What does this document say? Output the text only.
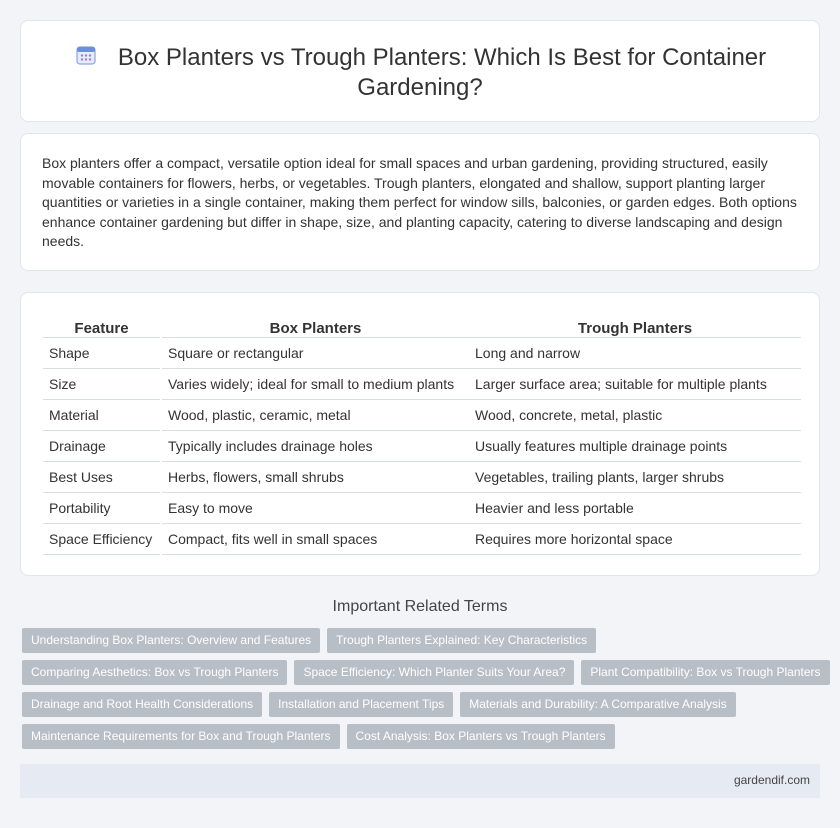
Box Planters vs Trough Planters: Which Is Best for Container Gardening?

Box planters offer a compact, versatile option ideal for small spaces and urban gardening, providing structured, easily movable containers for flowers, herbs, or vegetables. Trough planters, elongated and shallow, support planting larger quantities or varieties in a single container, making them perfect for window sills, balconies, or garden edges. Both options enhance container gardening but differ in shape, size, and planting capacity, catering to diverse landscaping and design needs.

Feature	Box Planters	Trough Planters
Shape	Square or rectangular	Long and narrow
Size	Varies widely; ideal for small to medium plants	Larger surface area; suitable for multiple plants
Material	Wood, plastic, ceramic, metal	Wood, concrete, metal, plastic
Drainage	Typically includes drainage holes	Usually features multiple drainage points
Best Uses	Herbs, flowers, small shrubs	Vegetables, trailing plants, larger shrubs
Portability	Easy to move	Heavier and less portable
Space Efficiency	Compact, fits well in small spaces	Requires more horizontal space
Important Related Terms
Understanding Box Planters: Overview and Features Trough Planters Explained: Key Characteristics
Comparing Aesthetics: Box vs Trough Planters Space Efficiency: Which Planter Suits Your Area? Plant Compatibility: Box vs Trough Planters
Drainage and Root Health Considerations Installation and Placement Tips Materials and Durability: A Comparative Analysis
Maintenance Requirements for Box and Trough Planters Cost Analysis: Box Planters vs Trough Planters
gardendif.com
